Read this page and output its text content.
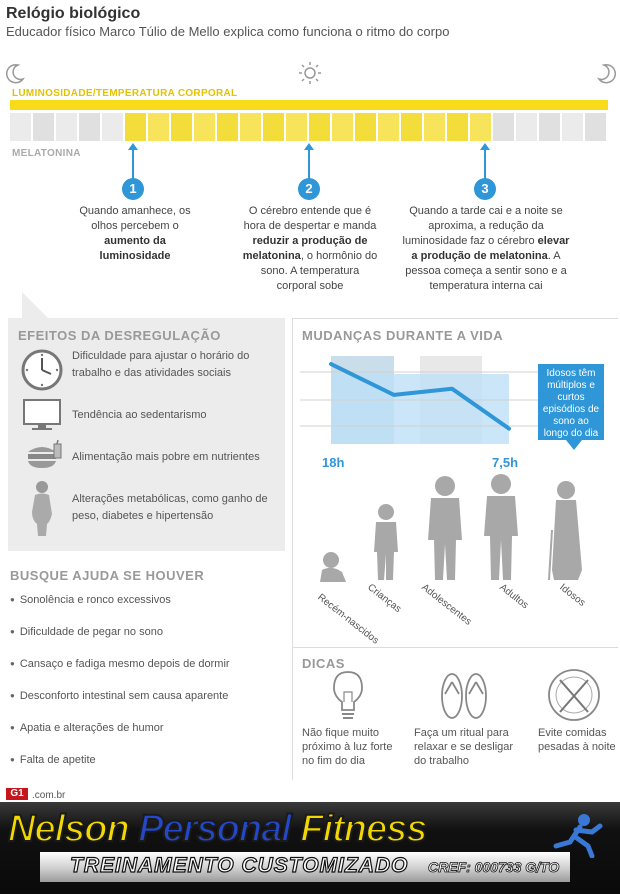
Relógio biológico
Educador físico Marco Túlio de Mello explica como funciona o ritmo do corpo
LUMINOSIDADE/TEMPERATURA CORPORAL
MELATONINA
1
Quando amanhece, os olhos percebem o aumento da luminosidade
2
O cérebro entende que é hora de despertar e manda reduzir a produção de melatonina, o hormônio do sono. A temperatura corporal sobe
3
Quando a tarde cai e a noite se aproxima, a redução da luminosidade faz o cérebro elevar a produção de melatonina. A pessoa começa a sentir sono e a temperatura interna cai
EFEITOS DA DESREGULAÇÃO
Dificuldade para ajustar o horário do trabalho e das atividades sociais
Tendência ao sedentarismo
Alimentação mais pobre em nutrientes
Alterações metabólicas, como ganho de peso, diabetes e hipertensão
BUSQUE AJUDA SE HOUVER
● Sonolência e ronco excessivos
● Dificuldade de pegar no sono
● Cansaço e fadiga mesmo depois de dormir
● Desconforto intestinal sem causa aparente
● Apatia e alterações de humor
● Falta de apetite
MUDANÇAS DURANTE A VIDA
18h	7,5h
Idosos têm múltiplos e curtos episódios de sono ao longo do dia
Recém-nascidos
Crianças Adolescentes Adultos	Idosos
DICAS
Não fique muito próximo à luz forte no fim do dia
Faça um ritual para relaxar e se desligar do trabalho
Evite comidas pesadas à noite
G1 .com.br
Nelson Personal Fitness
TREINAMENTO CUSTOMIZADO CREF: 000733 G/TO
